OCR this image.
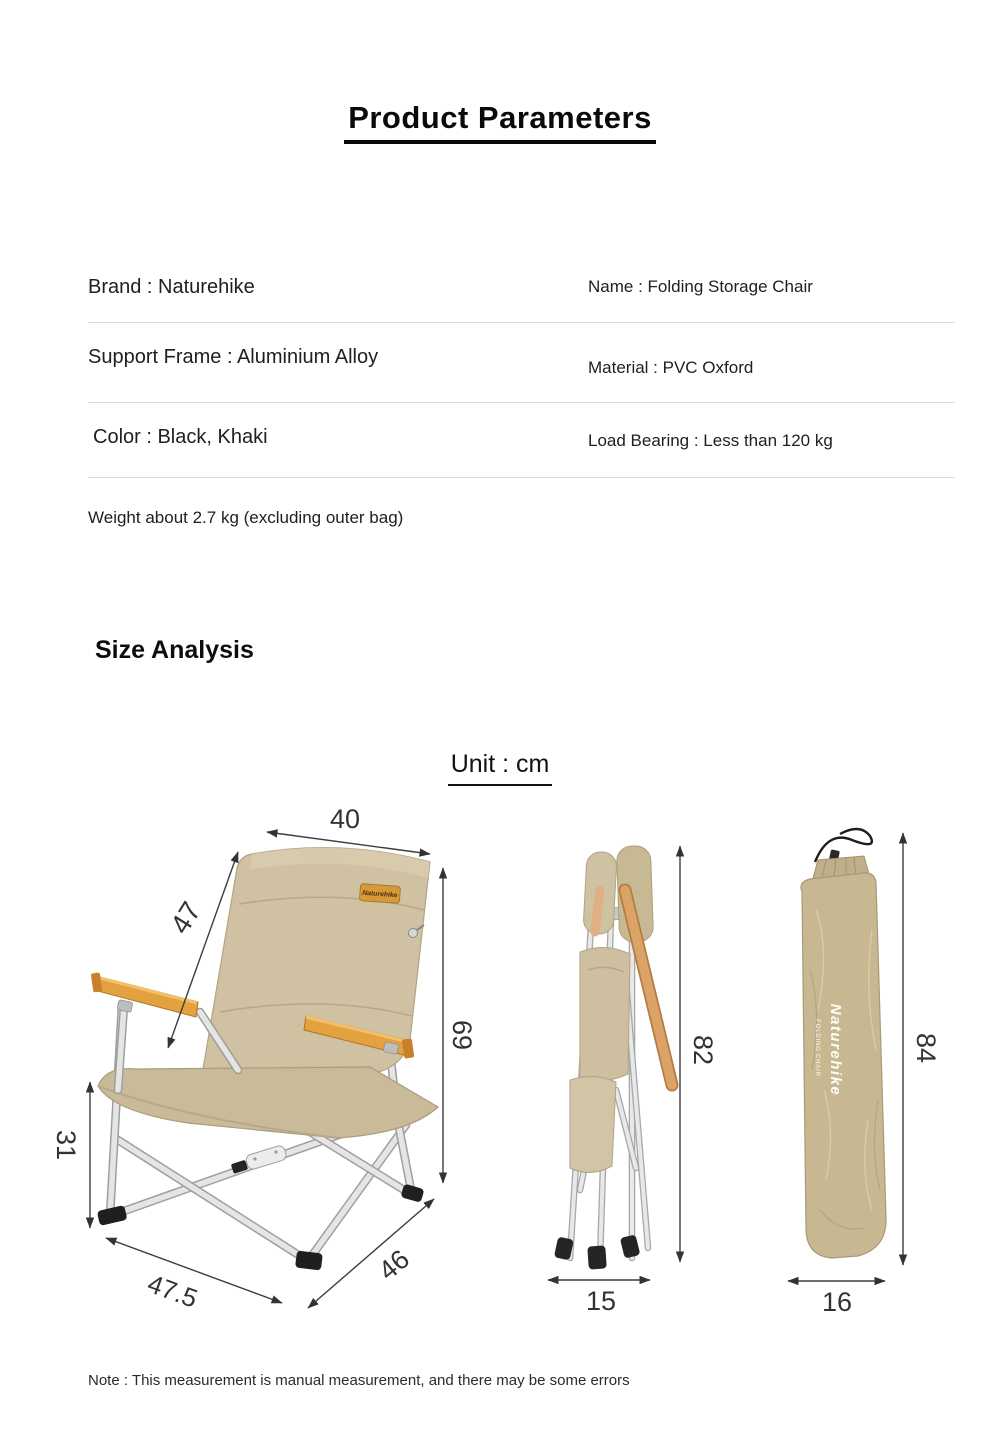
Product Parameters
Brand : Naturehike	Name : Folding Storage Chair
Support Frame : Aluminium Alloy	Material : PVC Oxford
Color : Black, Khaki	Load Bearing : Less than 120 kg
Weight about 2.7 kg (excluding outer bag)
Size Analysis
Unit : cm
Naturehike
40
47
69
31
47.5
46
82
15
Naturehike
FOLDING CHAIR	84
16
Note : This measurement is manual measurement, and there may be some errors
